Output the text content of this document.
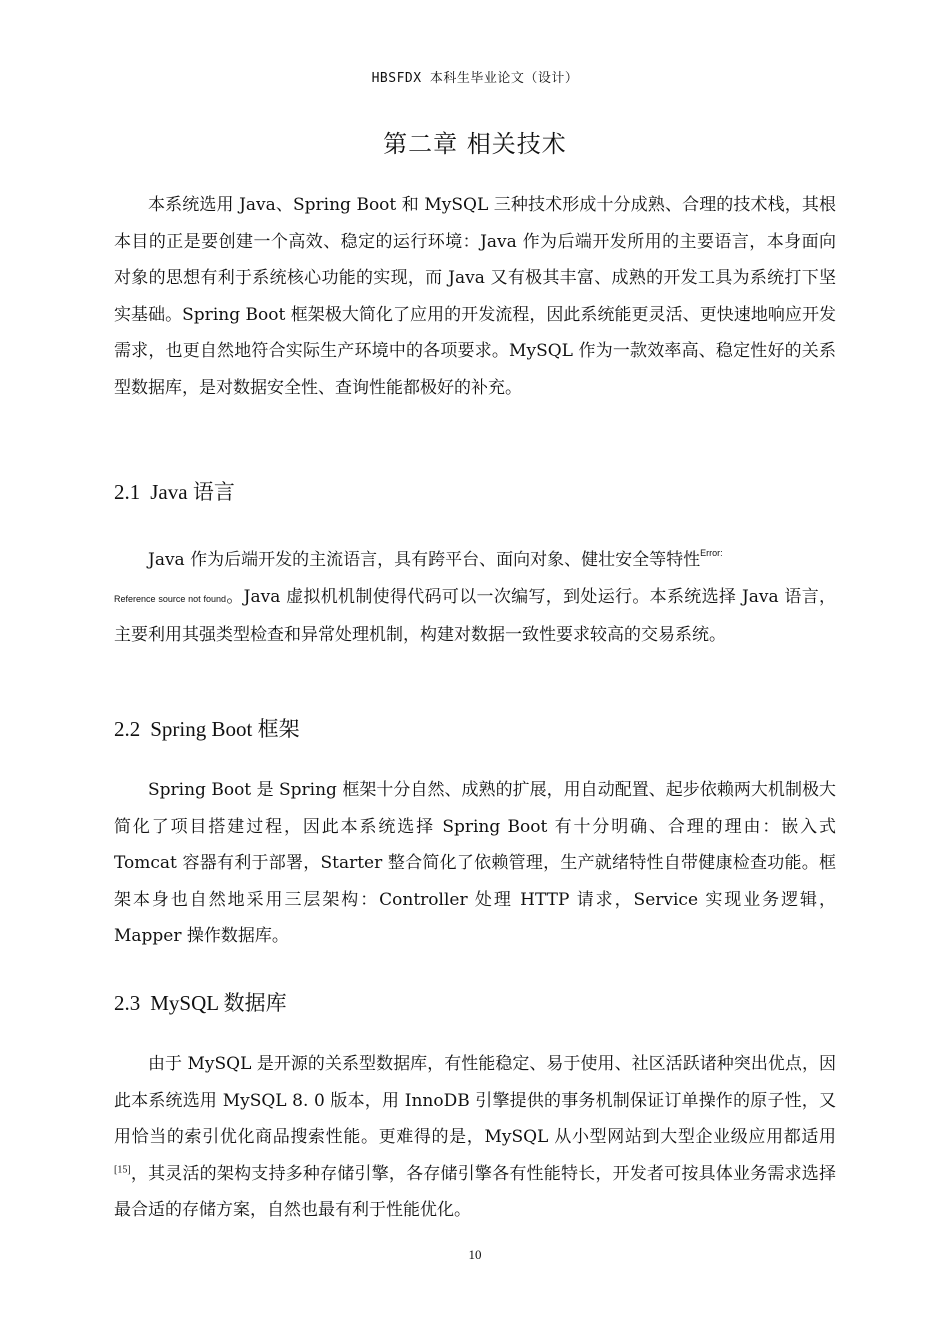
HBSFDX 本科生毕业论文（设计）
第二章 相关技术

本系统选用 Java、Spring Boot 和 MySQL 三种技术形成十分成熟、合理的技术栈，其根本目的正是要创建一个高效、稳定的运行环境：Java 作为后端开发所用的主要语言，本身面向对象的思想有利于系统核心功能的实现，而 Java 又有极其丰富、成熟的开发工具为系统打下坚实基础。Spring Boot 框架极大简化了应用的开发流程，因此系统能更灵活、更快速地响应开发需求，也更自然地符合实际生产环境中的各项要求。MySQL 作为一款效率高、稳定性好的关系型数据库，是对数据安全性、查询性能都极好的补充。

2.1 Java 语言

Java 作为后端开发的主流语言，具有跨平台、面向对象、健壮安全等特性$^{Error:}$
Reference source not found。Java 虚拟机机制使得代码可以一次编写，到处运行。本系统选择 Java 语言，主要利用其强类型检查和异常处理机制，构建对数据一致性要求较高的交易系统。

2.2 Spring Boot 框架

Spring Boot 是 Spring 框架十分自然、成熟的扩展，用自动配置、起步依赖两大机制极大简化了项目搭建过程，因此本系统选择 Spring Boot 有十分明确、合理的理由：嵌入式 Tomcat 容器有利于部署，Starter 整合简化了依赖管理，生产就绪特性自带健康检查功能。框架本身也自然地采用三层架构：Controller 处理 HTTP 请求，Service 实现业务逻辑，Mapper 操作数据库。

2.3 MySQL 数据库

由于 MySQL 是开源的关系型数据库，有性能稳定、易于使用、社区活跃诸种突出优点，因此本系统选用 MySQL 8. 0 版本，用 InnoDB 引擎提供的事务机制保证订单操作的原子性，又用恰当的索引优化商品搜索性能。更难得的是，MySQL 从小型网站到大型企业级应用都适用[15]，其灵活的架构支持多种存储引擎，各存储引擎各有性能特长，开发者可按具体业务需求选择最合适的存储方案，自然也最有利于性能优化。

10
